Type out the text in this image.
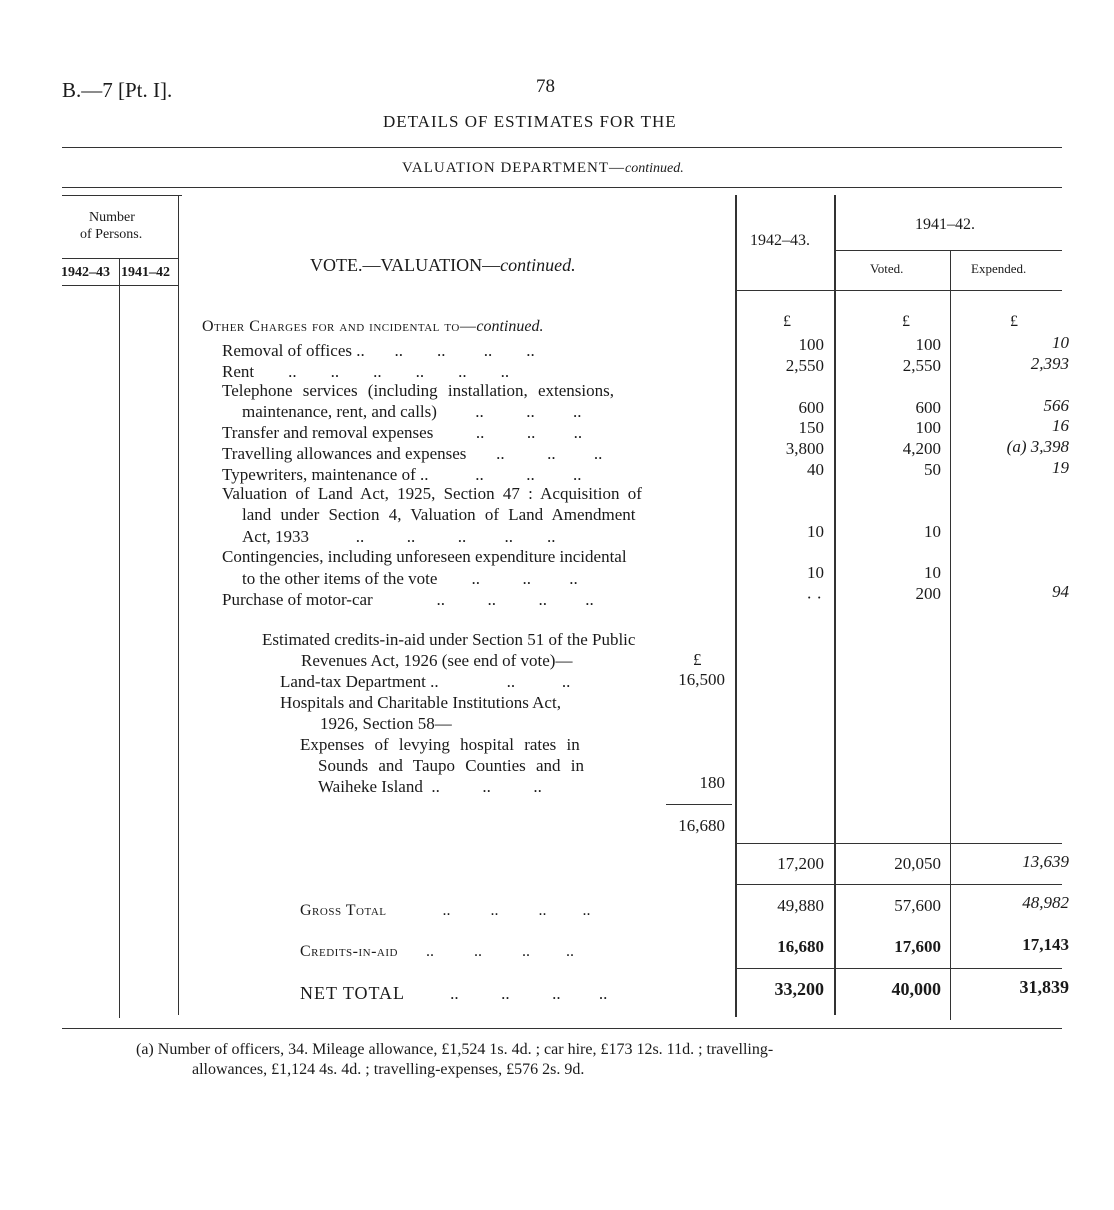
B.—7 [Pt. I].	78
DETAILS OF ESTIMATES FOR THE
VALUATION DEPARTMENT—continued.
Number
of Persons.
1942–43 1941–42	VOTE.—VALUATION—continued.
1942–43.
1941–42.
Voted.	Expended.
Other Charges for and incidental to—continued.	£	£	£
Removal of offices ..       ..        ..         ..        ..	100	100	10
Rent ..        ..        ..        ..        ..        ..	2,550	2,550	2,393
Telephone services (including installation, extensions,
maintenance, rent, and calls) ..          ..         ..	600	600	566
Transfer and removal expenses	..          ..         ..	150	100	16
Travelling allowances and expenses ..          ..         ..	3,800	4,200	(a) 3,398
Typewriters, maintenance of ..           ..          ..         ..	40	50	19
Valuation of Land Act, 1925, Section 47 : Acquisition of
land under Section 4, Valuation of Land Amendment
Act, 1933	..          ..          ..         ..        ..	10	10
Contingencies, including unforeseen expenditure incidental
to the other items of the vote ..          ..         ..	10	10
Purchase of motor-car	..          ..          ..         ..	· ·	200	94
Estimated credits-in-aid under Section 51 of the Public
Revenues Act, 1926 (see end of vote)—	£
Land-tax Department ..	..           ..	16,500
Hospitals and Charitable Institutions Act,
1926, Section 58—
Expenses of levying hospital rates in
Sounds and Taupo Counties and in
Waiheke Island ..          ..          ..	180
16,680
17,200	20,050	13,639
Gross Total	..          ..          ..         ..	49,880	57,600	48,982
Credits-in-aid ..          ..          ..         ..	16,680	17,600	17,143
NET TOTAL	..          ..          ..         ..	33,200	40,000	31,839
(a) Number of officers, 34. Mileage allowance, £1,524 1s. 4d. ; car hire, £173 12s. 11d. ; travelling-
allowances, £1,124 4s. 4d. ; travelling-expenses, £576 2s. 9d.
